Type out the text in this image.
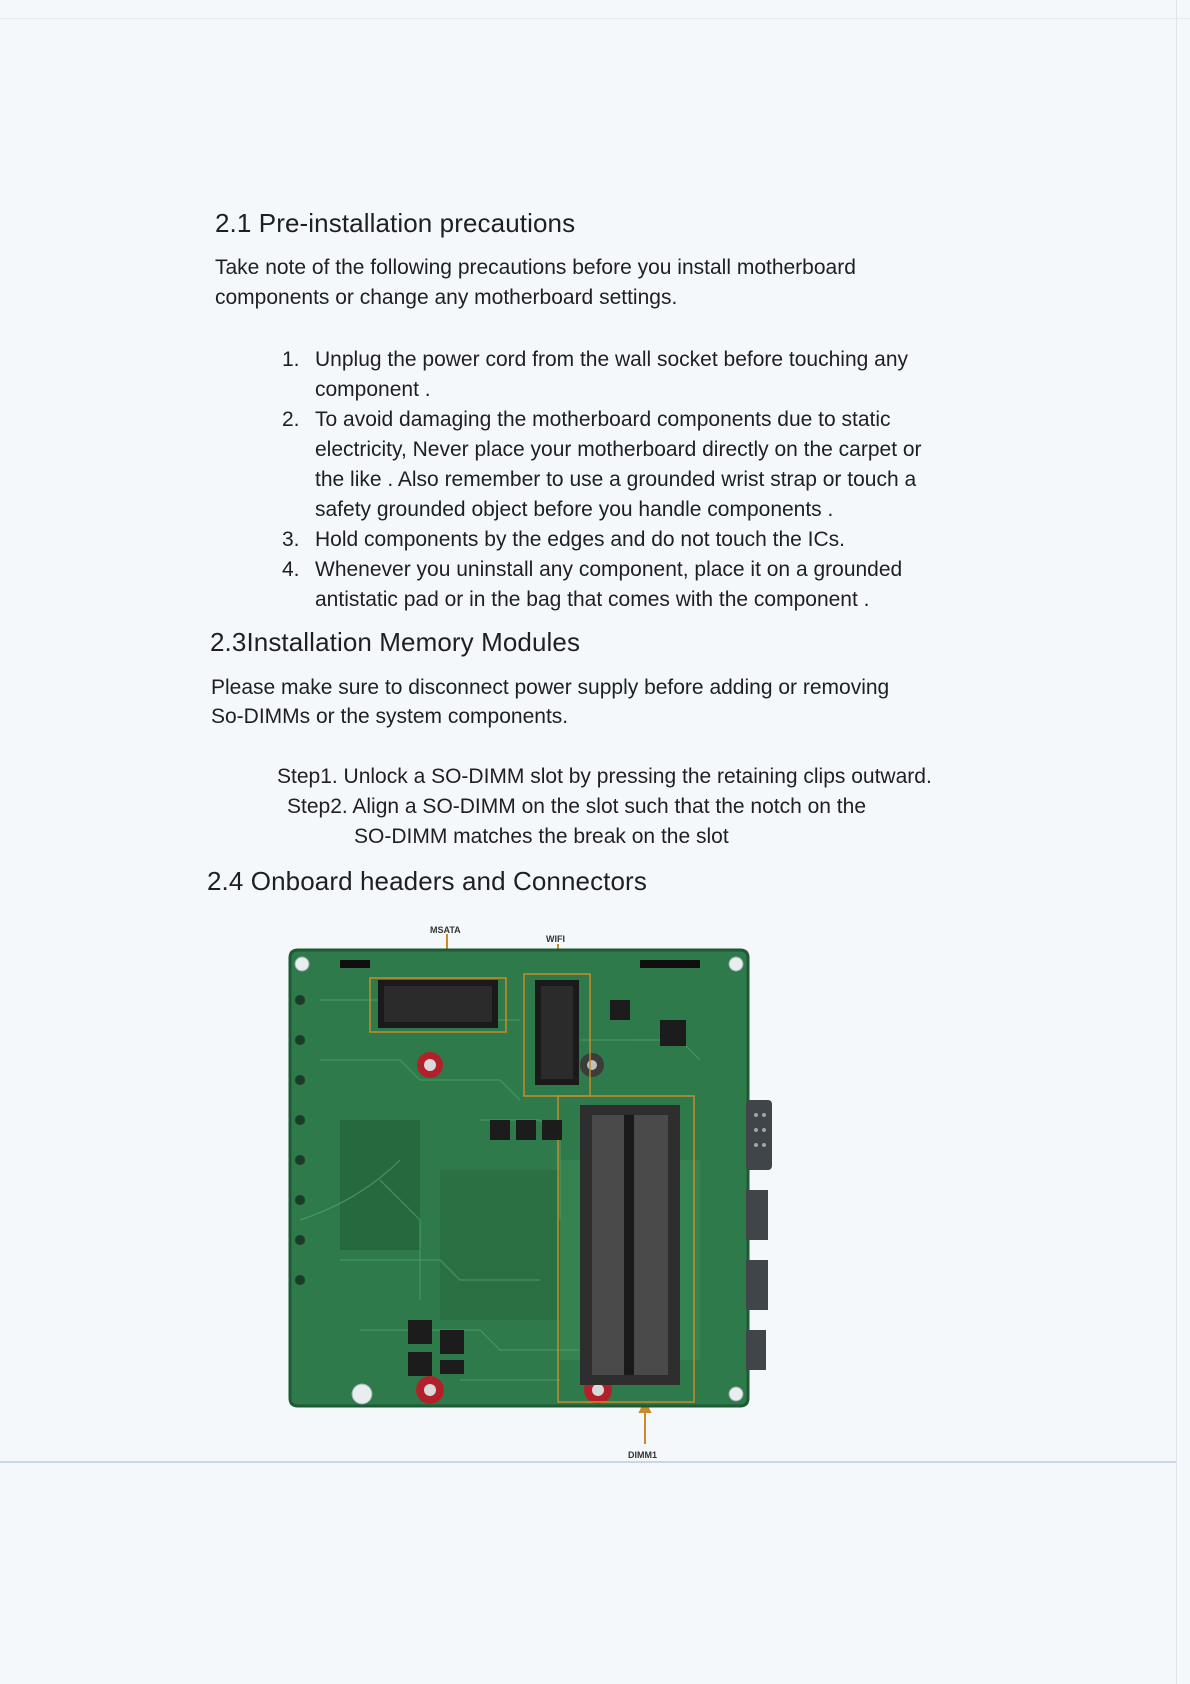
2.1 Pre-installation precautions

Take note of the following precautions before you install motherboard

components or change any motherboard settings.

1. Unplug the power cord from the wall socket before touching any
component .
2. To avoid damaging the motherboard components due to static
electricity, Never place your motherboard directly on the carpet or
the like . Also remember to use a grounded wrist strap or touch a
safety grounded object before you handle components .
3. Hold components by the edges and do not touch the ICs.
4. Whenever you uninstall any component, place it on a grounded
antistatic pad or in the bag that comes with the component .
2.3Installation Memory Modules

Please make sure to disconnect power supply before adding or removing

So-DIMMs or the system components.

Step1. Unlock a SO-DIMM slot by pressing the retaining clips outward.
Step2. Align a SO-DIMM on the slot such that the notch on the
SO-DIMM matches the break on the slot
2.4 Onboard headers and Connectors
MSATA
WIFI
DIMM1
